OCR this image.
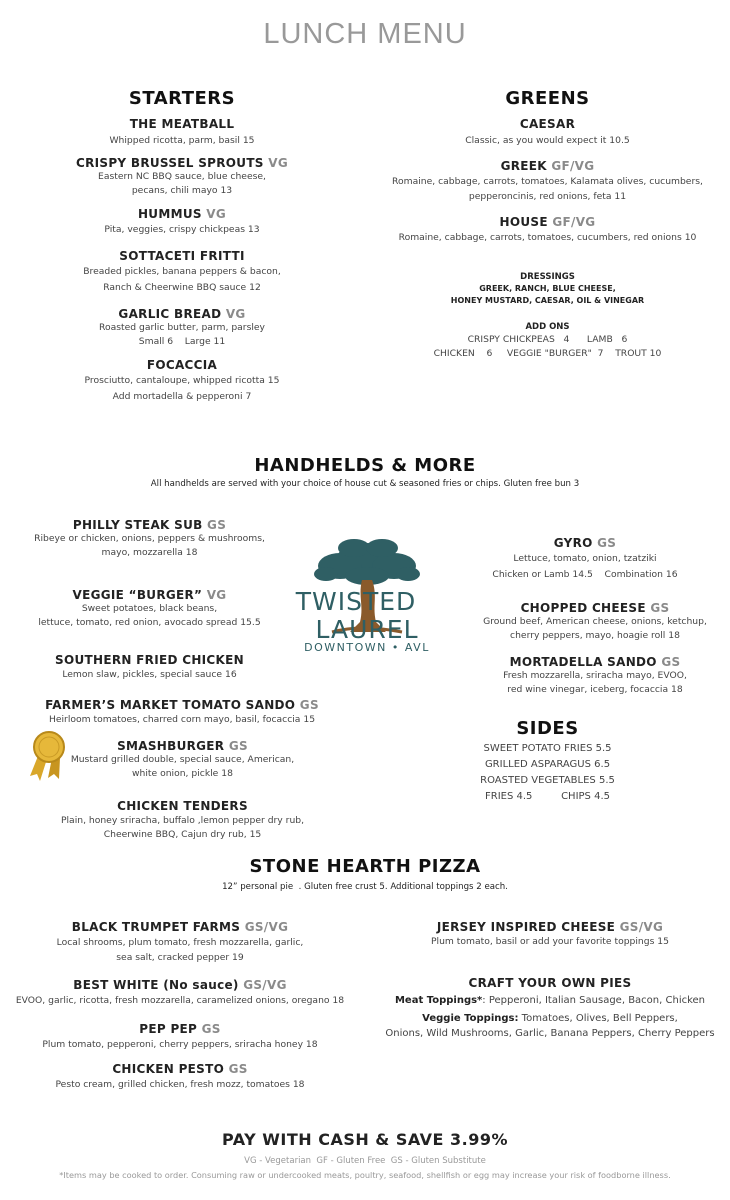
LUNCH MENU
STARTERS
THE MEATBALL
Whipped ricotta, parm, basil 15
CRISPY BRUSSEL SPROUTS VG
Eastern NC BBQ sauce, blue cheese,
pecans, chili mayo 13
HUMMUS VG
Pita, veggies, crispy chickpeas 13
SOTTACETI FRITTI
Breaded pickles, banana peppers & bacon,
Ranch & Cheerwine BBQ sauce 12
GARLIC BREAD VG
Roasted garlic butter, parm, parsley
Small 6    Large 11
FOCACCIA
Prosciutto, cantaloupe, whipped ricotta 15
Add mortadella & pepperoni 7
GREENS
CAESAR
Classic, as you would expect it 10.5
GREEK GF/VG
Romaine, cabbage, carrots, tomatoes, Kalamata olives, cucumbers,
pepperoncinis, red onions, feta 11
HOUSE GF/VG
Romaine, cabbage, carrots, tomatoes, cucumbers, red onions 10
DRESSINGS
GREEK, RANCH, BLUE CHEESE,
HONEY MUSTARD, CAESAR, OIL & VINEGAR
ADD ONS
CRISPY CHICKPEAS   4      LAMB   6
CHICKEN    6     VEGGIE "BURGER"  7    TROUT 10
HANDHELDS & MORE
All handhelds are served with your choice of house cut & seasoned fries or chips. Gluten free bun 3
PHILLY STEAK SUB GS
Ribeye or chicken, onions, peppers & mushrooms,
mayo, mozzarella 18
VEGGIE “BURGER” VG
Sweet potatoes, black beans,
lettuce, tomato, red onion, avocado spread 15.5
SOUTHERN FRIED CHICKEN
Lemon slaw, pickles, special sauce 16
FARMER’S MARKET TOMATO SANDO GS
Heirloom tomatoes, charred corn mayo, basil, focaccia 15
SMASHBURGER GS
Mustard grilled double, special sauce, American,
white onion, pickle 18
CHICKEN TENDERS
Plain, honey sriracha, buffalo ,lemon pepper dry rub,
Cheerwine BBQ, Cajun dry rub, 15
TWISTEDLAUREL
DOWNTOWN • AVL
GYRO GS
Lettuce, tomato, onion, tzatziki
Chicken or Lamb 14.5    Combination 16
CHOPPED CHEESE GS
Ground beef, American cheese, onions, ketchup,
cherry peppers, mayo, hoagie roll 18
MORTADELLA SANDO GS
Fresh mozzarella, sriracha mayo, EVOO,
red wine vinegar, iceberg, focaccia 18
SIDES
SWEET POTATO FRIES 5.5
GRILLED ASPARAGUS 6.5
ROASTED VEGETABLES 5.5
FRIES 4.5	CHIPS 4.5
STONE HEARTH PIZZA
12” personal pie  . Gluten free crust 5. Additional toppings 2 each.
BLACK TRUMPET FARMS GS/VG
Local shrooms, plum tomato, fresh mozzarella, garlic,
sea salt, cracked pepper 19
BEST WHITE (No sauce) GS/VG
EVOO, garlic, ricotta, fresh mozzarella, caramelized onions, oregano 18
PEP PEP GS
Plum tomato, pepperoni, cherry peppers, sriracha honey 18
CHICKEN PESTO GS
Pesto cream, grilled chicken, fresh mozz, tomatoes 18
JERSEY INSPIRED CHEESE GS/VG
Plum tomato, basil or add your favorite toppings 15
CRAFT YOUR OWN PIES
Meat Toppings*: Pepperoni, Italian Sausage, Bacon, Chicken
Veggie Toppings: Tomatoes, Olives, Bell Peppers,
Onions, Wild Mushrooms, Garlic, Banana Peppers, Cherry Peppers
PAY WITH CASH & SAVE 3.99%
VG - Vegetarian  GF - Gluten Free  GS - Gluten Substitute
*Items may be cooked to order. Consuming raw or undercooked meats, poultry, seafood, shellfish or egg may increase your risk of foodborne illness.
